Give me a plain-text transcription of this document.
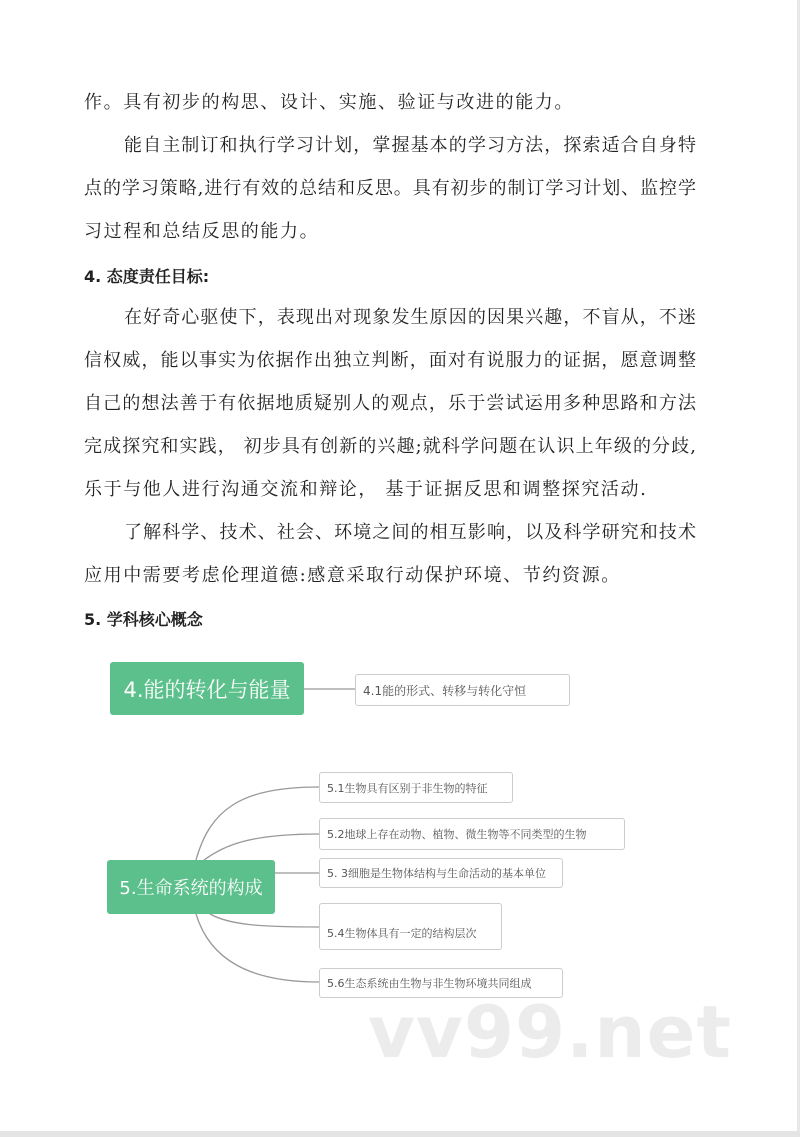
作。具有初步的构思、设计、实施、验证与改进的能力。
能自主制订和执行学习计划，掌握基本的学习方法，探索适合自身特
点的学习策略,进行有效的总结和反思。具有初步的制订学习计划、监控学
习过程和总结反思的能力。
4. 态度责任目标:
在好奇心驱使下，表现出对现象发生原因的因果兴趣，不盲从，不迷
信权威，能以事实为依据作出独立判断，面对有说服力的证据，愿意调整
自己的想法善于有依据地质疑别人的观点，乐于尝试运用多种思路和方法
完成探究和实践， 初步具有创新的兴趣;就科学问题在认识上年级的分歧,
乐于与他人进行沟通交流和辩论， 基于证据反思和调整探究活动.
了解科学、技术、社会、环境之间的相互影响，以及科学研究和技术
应用中需要考虑伦理道德:感意采取行动保护环境、节约资源。
5. 学科核心概念
4.能的转化与能量	4.1能的形式、转移与转化守恒
5.生命系统的构成
5.1生物具有区别于非生物的特征
5.2地球上存在动物、植物、微生物等不同类型的生物
5. 3细胞是生物体结构与生命活动的基本单位
5.4生物体具有一定的结构层次
5.6生态系统由生物与非生物环境共同组成
vv99.net
